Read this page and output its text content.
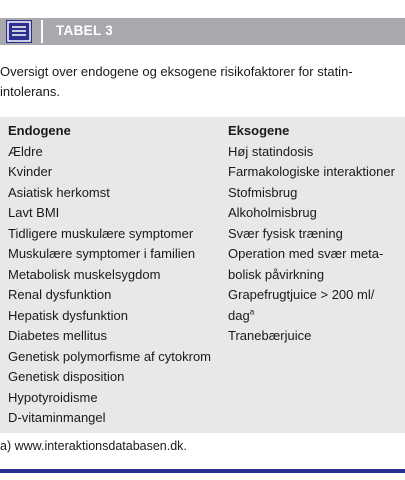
TABEL 3
Oversigt over endogene og eksogene risikofaktorer for statin-intolerans.
Endogene
Ældre
Kvinder
Asiatisk herkomst
Lavt BMI
Tidligere muskulære symptomer
Muskulære symptomer i familien
Metabolisk muskelsygdom
Renal dysfunktion
Hepatisk dysfunktion
Diabetes mellitus
Genetisk polymorfisme af cytokrom
Genetisk disposition
Hypotyroidisme
D-vitaminmangel
Eksogene
Høj statindosis
Farmakologiske interaktioner
Stofmisbrug
Alkoholmisbrug
Svær fysisk træning
Operation med svær meta-
bolisk påvirkning
Grapefrugtjuice > 200 ml/
dag$^a$
Tranebærjuice
a) www.interaktionsdatabasen.dk.
